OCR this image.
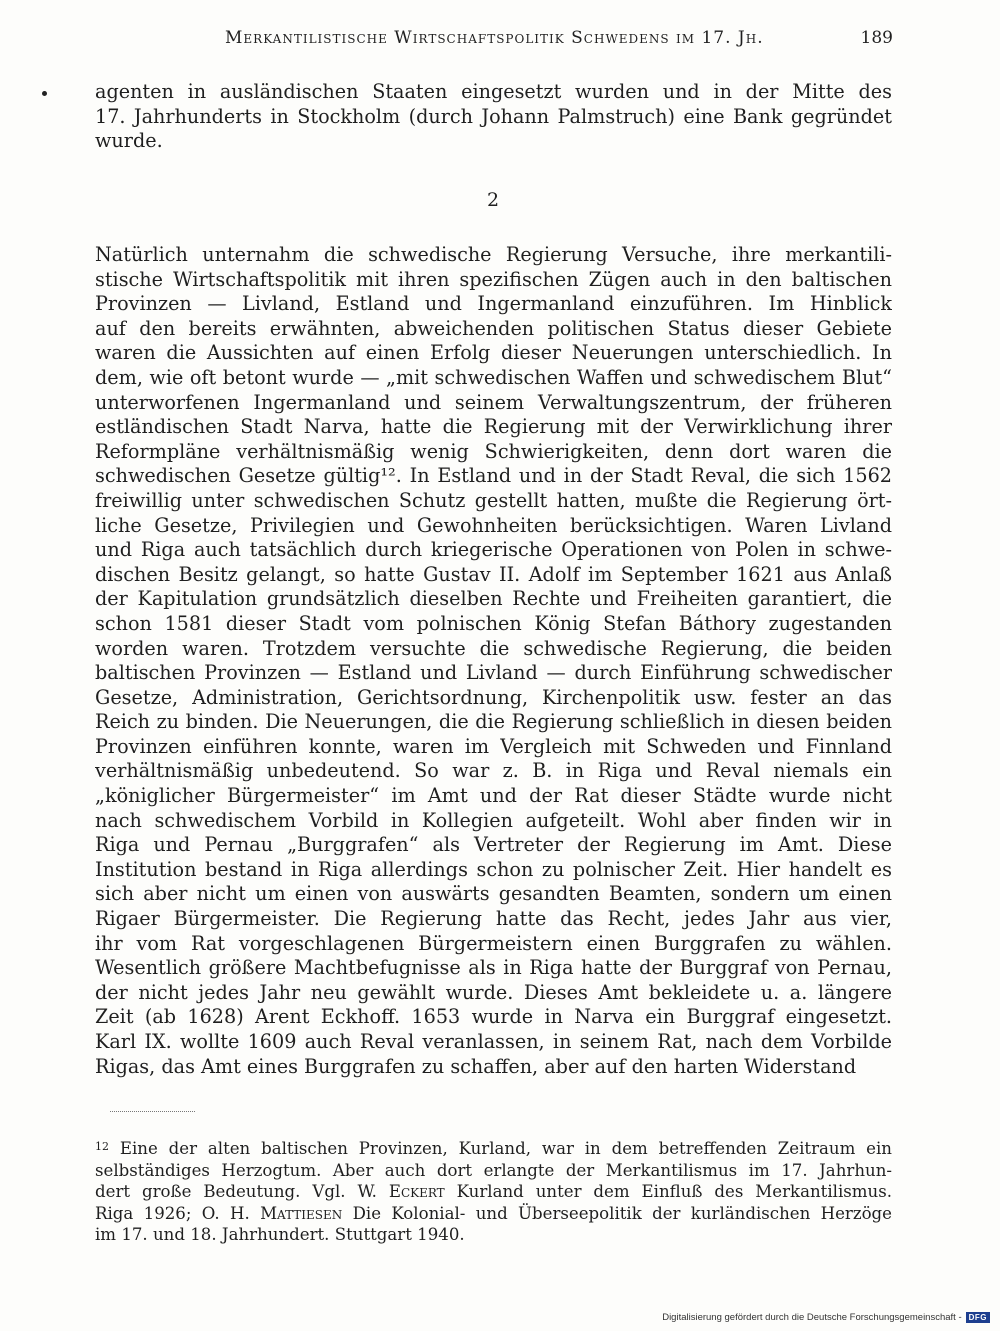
Merkantilistische Wirtschaftspolitik Schwedens im 17. Jh.	189
agenten in ausländischen Staaten eingesetzt wurden und in der Mitte des
17. Jahrhunderts in Stockholm (durch Johann Palmstruch) eine Bank gegründet
wurde.
2
Natürlich unternahm die schwedische Regierung Versuche, ihre merkantili-
stische Wirtschaftspolitik mit ihren spezifischen Zügen auch in den baltischen
Provinzen — Livland, Estland und Ingermanland einzuführen. Im Hinblick
auf den bereits erwähnten, abweichenden politischen Status dieser Gebiete
waren die Aussichten auf einen Erfolg dieser Neuerungen unterschiedlich. In
dem, wie oft betont wurde — „mit schwedischen Waffen und schwedischem Blut“
unterworfenen Ingermanland und seinem Verwaltungszentrum, der früheren
estländischen Stadt Narva, hatte die Regierung mit der Verwirklichung ihrer
Reformpläne verhältnismäßig wenig Schwierigkeiten, denn dort waren die
schwedischen Gesetze gültig¹². In Estland und in der Stadt Reval, die sich 1562
freiwillig unter schwedischen Schutz gestellt hatten, mußte die Regierung ört-
liche Gesetze, Privilegien und Gewohnheiten berücksichtigen. Waren Livland
und Riga auch tatsächlich durch kriegerische Operationen von Polen in schwe-
dischen Besitz gelangt, so hatte Gustav II. Adolf im September 1621 aus Anlaß
der Kapitulation grundsätzlich dieselben Rechte und Freiheiten garantiert, die
schon 1581 dieser Stadt vom polnischen König Stefan Báthory zugestanden
worden waren. Trotzdem versuchte die schwedische Regierung, die beiden
baltischen Provinzen — Estland und Livland — durch Einführung schwedischer
Gesetze, Administration, Gerichtsordnung, Kirchenpolitik usw. fester an das
Reich zu binden. Die Neuerungen, die die Regierung schließlich in diesen beiden
Provinzen einführen konnte, waren im Vergleich mit Schweden und Finnland
verhältnismäßig unbedeutend. So war z. B. in Riga und Reval niemals ein
„königlicher Bürgermeister“ im Amt und der Rat dieser Städte wurde nicht
nach schwedischem Vorbild in Kollegien aufgeteilt. Wohl aber finden wir in
Riga und Pernau „Burggrafen“ als Vertreter der Regierung im Amt. Diese
Institution bestand in Riga allerdings schon zu polnischer Zeit. Hier handelt es
sich aber nicht um einen von auswärts gesandten Beamten, sondern um einen
Rigaer Bürgermeister. Die Regierung hatte das Recht, jedes Jahr aus vier,
ihr vom Rat vorgeschlagenen Bürgermeistern einen Burggrafen zu wählen.
Wesentlich größere Machtbefugnisse als in Riga hatte der Burggraf von Pernau,
der nicht jedes Jahr neu gewählt wurde. Dieses Amt bekleidete u. a. längere
Zeit (ab 1628) Arent Eckhoff. 1653 wurde in Narva ein Burggraf eingesetzt.
Karl IX. wollte 1609 auch Reval veranlassen, in seinem Rat, nach dem Vorbilde
Rigas, das Amt eines Burggrafen zu schaffen, aber auf den harten Widerstand
$^{12}$ Eine der alten baltischen Provinzen, Kurland, war in dem betreffenden Zeitraum ein
selbständiges Herzogtum. Aber auch dort erlangte der Merkantilismus im 17. Jahrhun-
dert große Bedeutung. Vgl. W. Eckert Kurland unter dem Einfluß des Merkantilismus.
Riga 1926; O. H. Mattiesen Die Kolonial- und Überseepolitik der kurländischen Herzöge
im 17. und 18. Jahrhundert. Stuttgart 1940.
Digitalisierung gefördert durch die Deutsche Forschungsgemeinschaft - DFG
